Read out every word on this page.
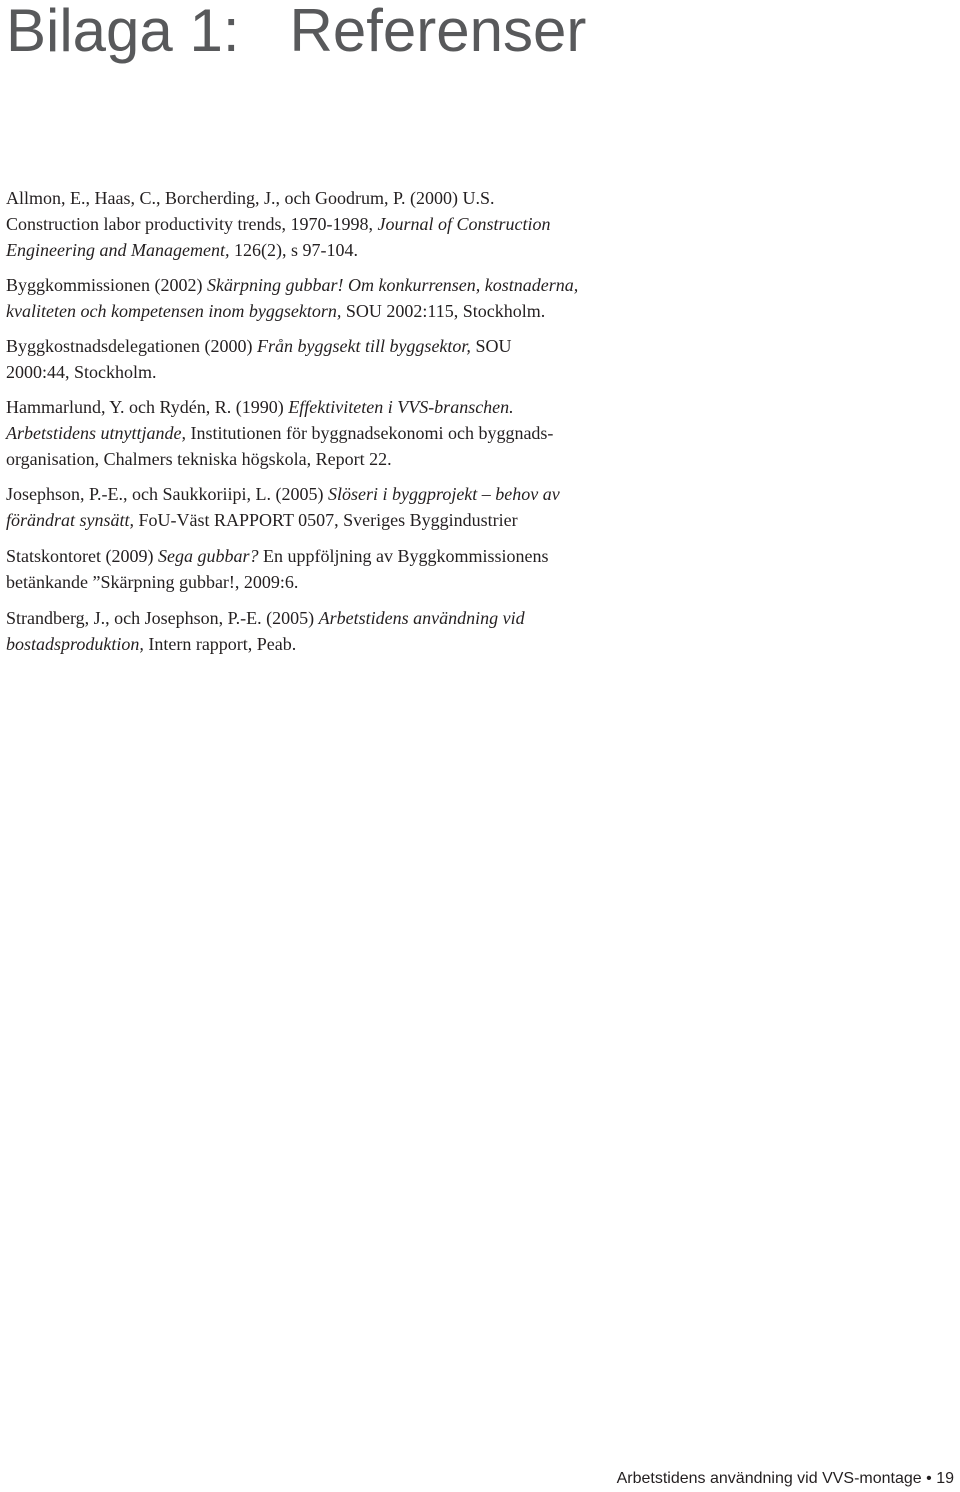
Bilaga 1: Referenser
Allmon, E., Haas, C., Borcherding, J., och Goodrum, P. (2000) U.S.
Construction labor productivity trends, 1970-1998, Journal of Construction
Engineering and Management, 126(2), s 97-104.
Byggkommissionen (2002) Skärpning gubbar! Om konkurrensen, kostnaderna,
kvaliteten och kompetensen inom byggsektorn, SOU 2002:115, Stockholm.
Byggkostnadsdelegationen (2000) Från byggsekt till byggsektor, SOU
2000:44, Stockholm.
Hammarlund, Y. och Rydén, R. (1990) Effektiviteten i VVS-branschen.
Arbetstidens utnyttjande, Institutionen för byggnadsekonomi och byggnads-
organisation, Chalmers tekniska högskola, Report 22.
Josephson, P.-E., och Saukkoriipi, L. (2005) Slöseri i byggprojekt – behov av
förändrat synsätt, FoU-Väst RAPPORT 0507, Sveriges Byggindustrier
Statskontoret (2009) Sega gubbar? En uppföljning av Byggkommissionens
betänkande ”Skärpning gubbar!, 2009:6.
Strandberg, J., och Josephson, P.-E. (2005) Arbetstidens användning vid
bostadsproduktion, Intern rapport, Peab.
Arbetstidens användning vid VVS-montage • 19
